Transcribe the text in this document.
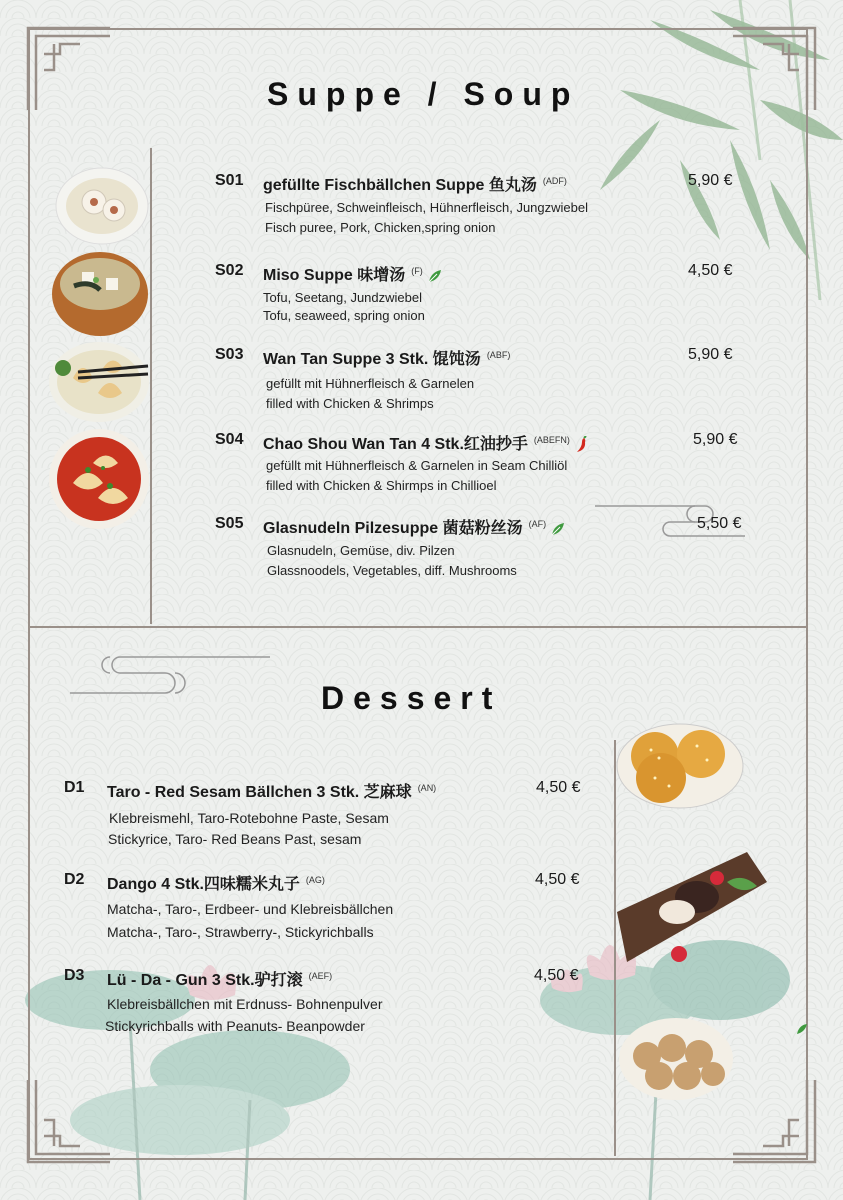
Suppe / Soup
S01 gefüllte Fischbällchen Suppe 鱼丸汤 $^{(ADF)}$	5,90 €
Fischpüree, Schweinfleisch, Hühnerfleisch, Jungzwiebel
Fisch puree, Pork, Chicken,spring onion
S02 Miso Suppe 味增汤 $^{(F)}$	4,50 €
Tofu, Seetang, Jundzwiebel
Tofu, seaweed, spring onion
S03 Wan Tan Suppe 3 Stk. 馄饨汤 $^{(ABF)}$	5,90 €
gefüllt mit Hühnerfleisch & Garnelen
filled with Chicken & Shrimps
S04 Chao Shou Wan Tan 4 Stk.红油抄手 $^{(ABEFN)}$	5,90 €
gefüllt mit Hühnerfleisch & Garnelen in Seam Chilliöl
filled with Chicken & Shirmps in Chillioel
S05 Glasnudeln Pilzesuppe 菌菇粉丝汤 $^{(AF)}$	5,50 €
Glasnudeln, Gemüse, div. Pilzen
Glassnoodels, Vegetables, diff. Mushrooms
Dessert
D1 Taro - Red Sesam Bällchen 3 Stk. 芝麻球 $^{(AN)}$	4,50 €
Klebreismehl, Taro-Rotebohne Paste, Sesam
Stickyrice, Taro- Red Beans Past, sesam
D2 Dango 4 Stk.四味糯米丸子 $^{(AG)}$	4,50 €
Matcha-, Taro-, Erdbeer- und Klebreisbällchen
Matcha-, Taro-, Strawberry-, Stickyrichballs
D3 Lü - Da - Gun 3 Stk.驴打滚 $^{(AEF)}$	4,50 €
Klebreisbällchen mit Erdnuss- Bohnenpulver
Stickyrichballs with Peanuts- Beanpowder
